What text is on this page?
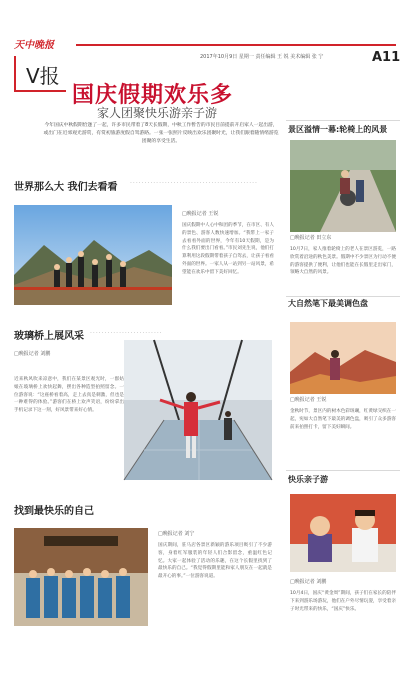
天中晚报
2017年10月9日 星期一 责任编辑 王 锐 美术编辑 张 宁	A11
V报
国庆假期欢乐多
家人团聚快乐游亲子游
今年国庆中秋假期恰逢了一起，许多市民带着了8天长假期，中秋工作暂告的市民目前提前开启家人一起出游，或出门在近郊观光游赏，有赏初旅游度假自驾游路。一张一张照片反映出欢乐团聚时光，让我们跟着随情绪游览团聚的享受生活。
世界那么大 我们去看看 ············································
□晚报记者 王锐
国庆假期中人心中和团的季节，在市区、有人的景色、游客人数快速增加。“我带上一家子去看看外面的世界，今年有10天假期，是为什么我们要出门看看。”市民刘先生说，他们打算利用这段假期带着孩子自驾去，让孩子看看外面的世界。一家人从一站到另一站风景，希望能在欢乐中留下美好回忆。
玻璃桥上展风采 ·························
□晚报记者 刘鹏
近来秋风吹来凉意中，我们在某景区观光时，一群姑娘在玻璃桥上欢快起舞，摆出各种造型拍照留念。一位游客说：“这座桥看着高，走上去真是刺激，但也是一种难得的体验。”游客们在桥上欢声笑语，纷纷拿出手机记录下这一刻，好风景带来好心情。
找到最快乐的自己
□晚报记者 刘宁
国庆期间，驻马店各景区新颖的游乐项目吸引了不少游客，身着红军服装的年轻人们合影留念，重温红色记忆。大家一起体验了活动的乐趣，在这个长假里找到了最快乐的自己。“我觉得假期里能和家人朋友在一起就是最开心的事。”一位游客说道。
景区溢情一幕:轮椅上的风景
□晚报记者 田立东
10月7日，家人推着轮椅上的老人在景区游览，一路欣赏着沿途的秋色美景。假期中不少景区为行动不便的游客提供了便利，让他们也能在长假里走出家门，领略大自然的风景。
大自然笔下最美调色盘
□晚报记者 王锐
金秋时节，景区内的树木色彩斑斓，红黄绿交织在一起，宛如大自然笔下最美的调色盘，吸引了众多游客前来拍照打卡，留下美好瞬间。
快乐亲子游
□晚报记者 刘鹏
10月4日，国庆“黄金周”期间，孩子们在家长的陪伴下来到游乐场游玩，他们在户外尽情玩耍，享受着亲子时光带来的快乐，“国庆”快乐。
